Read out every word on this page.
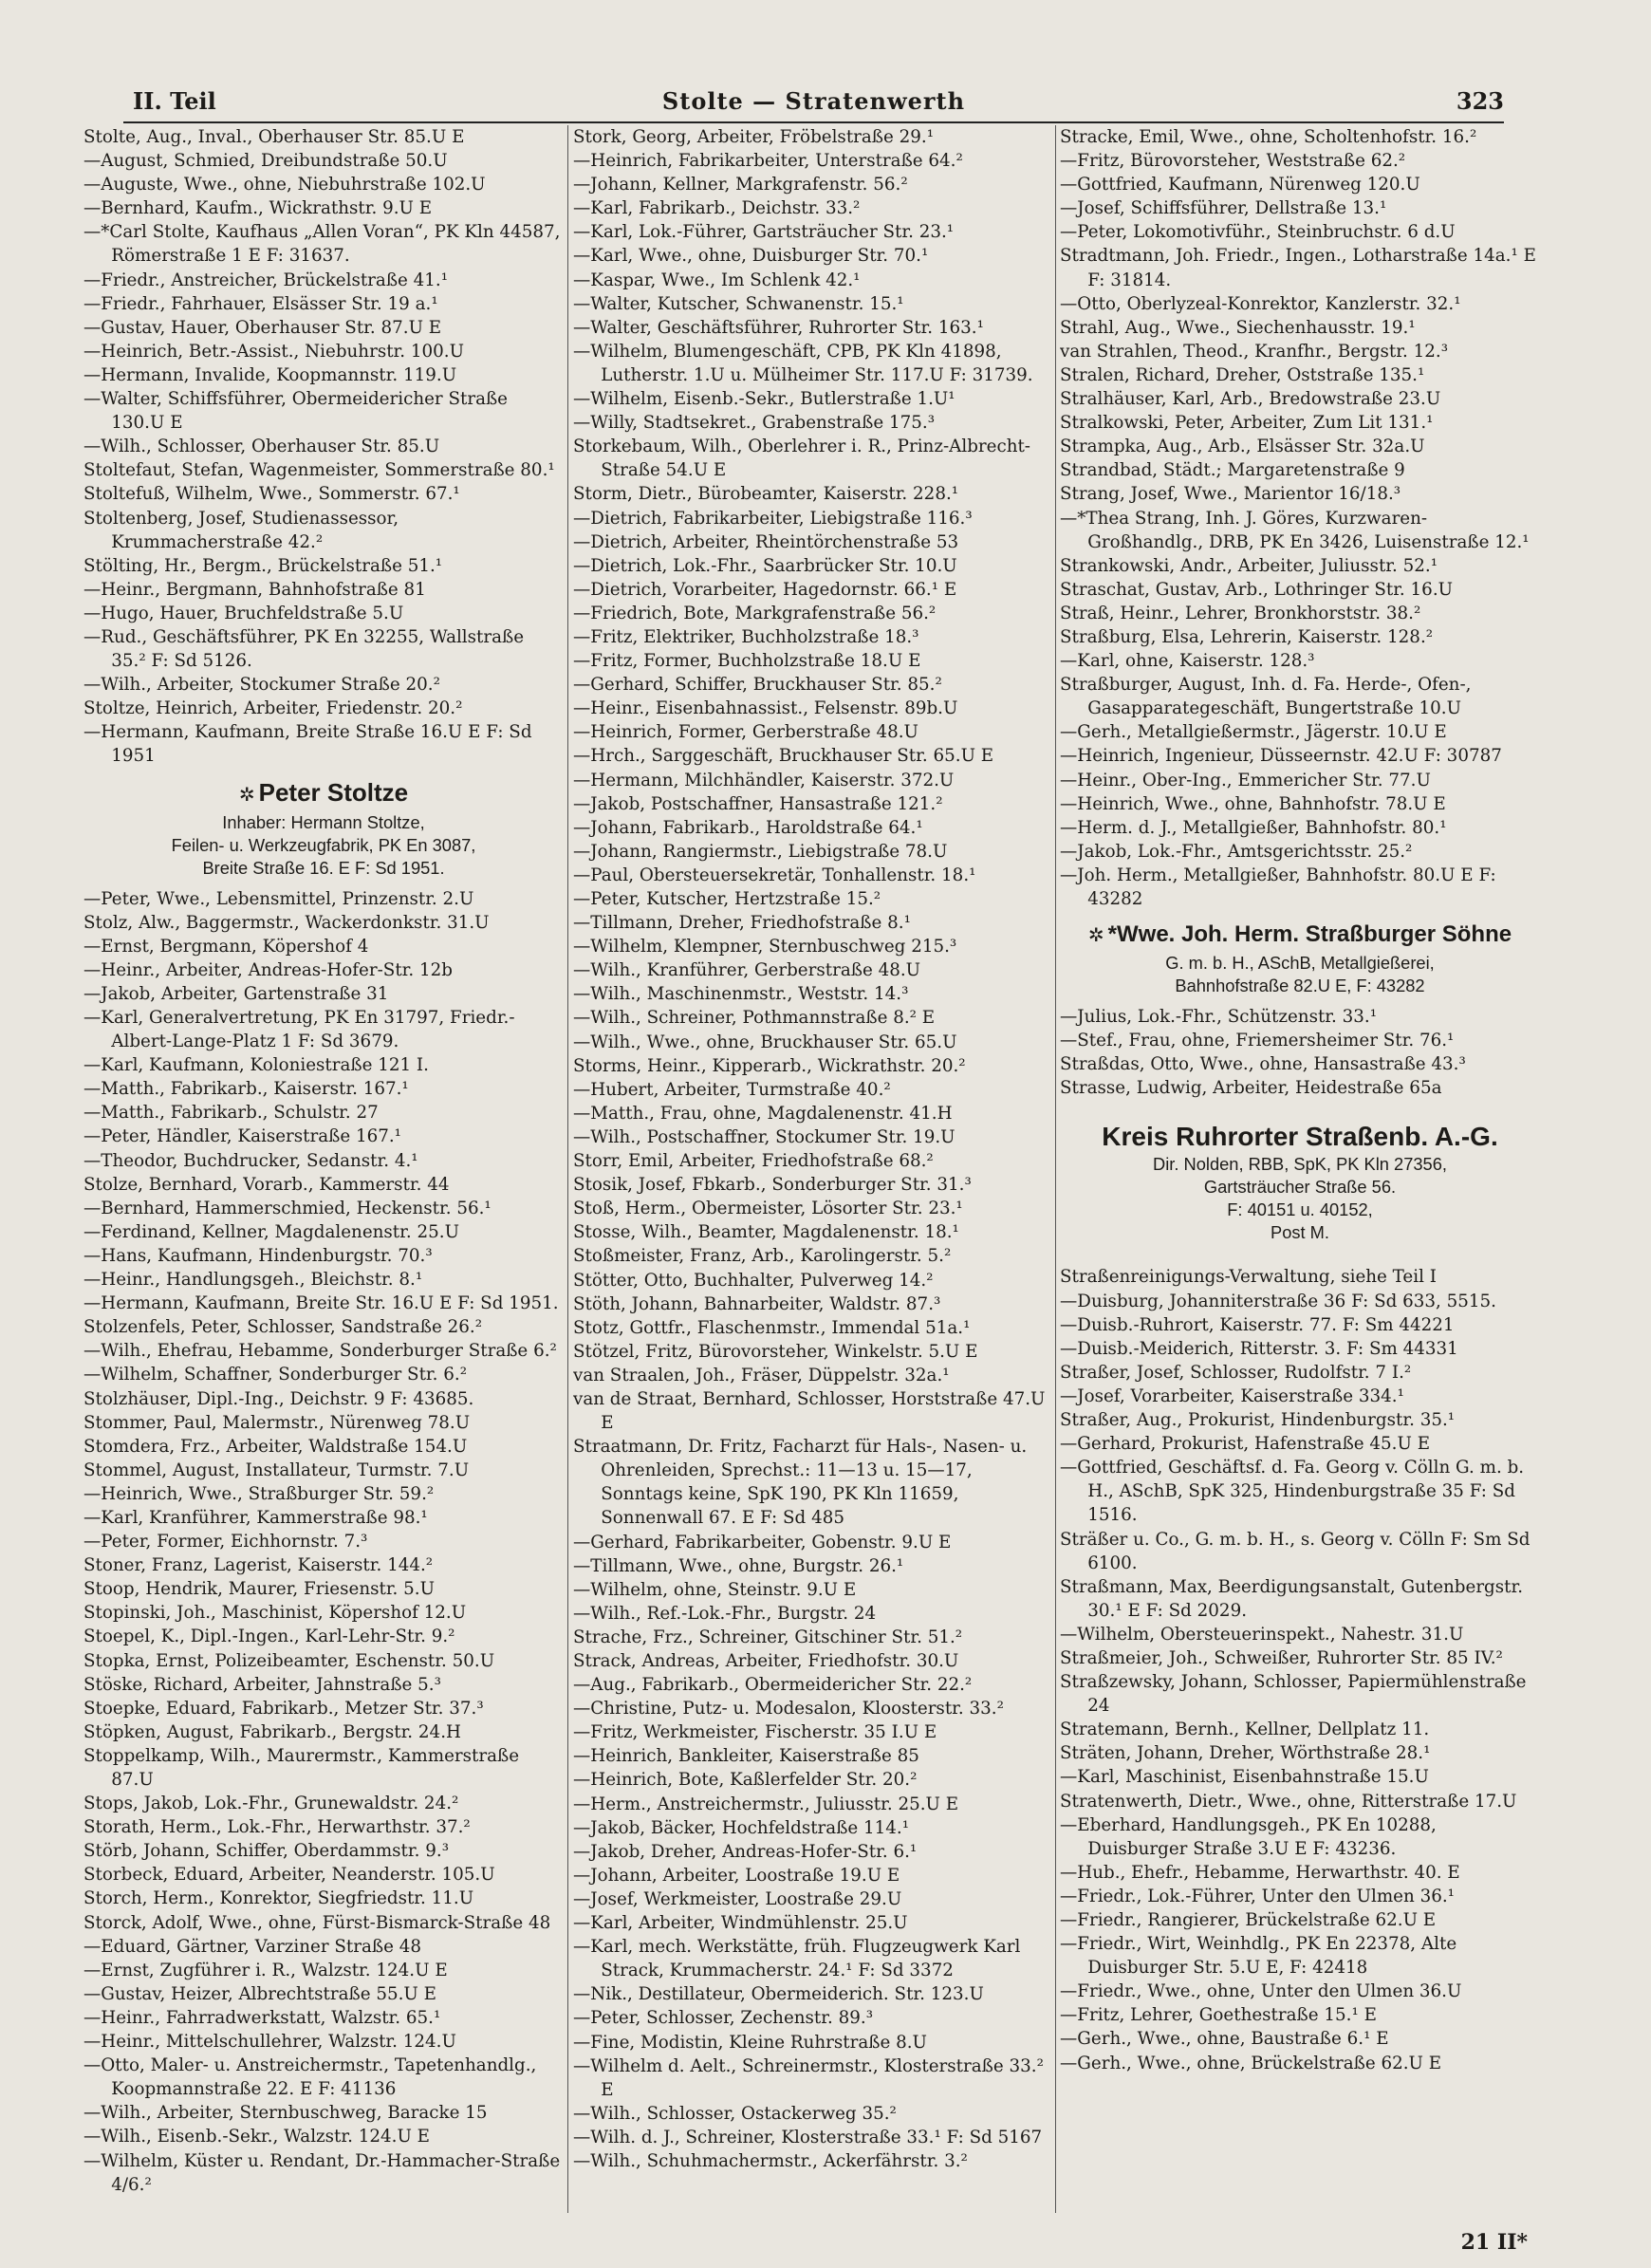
II. Teil	Stolte — Stratenwerth	323
Stolte, Aug., Inval., Oberhauser Str. 85.U E
—August, Schmied, Dreibundstraße 50.U
—Auguste, Wwe., ohne, Niebuhrstraße 102.U
—Bernhard, Kaufm., Wickrathstr. 9.U E
—*Carl Stolte, Kaufhaus „Allen Voran“, PK Kln 44587, Römerstraße 1 E F: 31637.
—Friedr., Anstreicher, Brückelstraße 41.¹
—Friedr., Fahrhauer, Elsässer Str. 19 a.¹
—Gustav, Hauer, Oberhauser Str. 87.U E
—Heinrich, Betr.-Assist., Niebuhrstr. 100.U
—Hermann, Invalide, Koopmannstr. 119.U
—Walter, Schiffsführer, Obermeidericher Straße 130.U E
—Wilh., Schlosser, Oberhauser Str. 85.U
Stoltefaut, Stefan, Wagenmeister, Sommerstraße 80.¹
Stoltefuß, Wilhelm, Wwe., Sommerstr. 67.¹
Stoltenberg, Josef, Studienassessor, Krummacherstraße 42.²
Stölting, Hr., Bergm., Brückelstraße 51.¹
—Heinr., Bergmann, Bahnhofstraße 81
—Hugo, Hauer, Bruchfeldstraße 5.U
—Rud., Geschäftsführer, PK En 32255, Wallstraße 35.² F: Sd 5126.
—Wilh., Arbeiter, Stockumer Straße 20.²
Stoltze, Heinrich, Arbeiter, Friedenstr. 20.²
—Hermann, Kaufmann, Breite Straße 16.U E F: Sd 1951
✲ Peter Stoltze
Inhaber: Hermann Stoltze,
Feilen- u. Werkzeugfabrik, PK En 3087,
Breite Straße 16. E F: Sd 1951.
—Peter, Wwe., Lebensmittel, Prinzenstr. 2.U
Stolz, Alw., Baggermstr., Wackerdonkstr. 31.U
—Ernst, Bergmann, Köpershof 4
—Heinr., Arbeiter, Andreas-Hofer-Str. 12b
—Jakob, Arbeiter, Gartenstraße 31
—Karl, Generalvertretung, PK En 31797, Friedr.-Albert-Lange-Platz 1 F: Sd 3679.
—Karl, Kaufmann, Koloniestraße 121 I.
—Matth., Fabrikarb., Kaiserstr. 167.¹
—Matth., Fabrikarb., Schulstr. 27
—Peter, Händler, Kaiserstraße 167.¹
—Theodor, Buchdrucker, Sedanstr. 4.¹
Stolze, Bernhard, Vorarb., Kammerstr. 44
—Bernhard, Hammerschmied, Heckenstr. 56.¹
—Ferdinand, Kellner, Magdalenenstr. 25.U
—Hans, Kaufmann, Hindenburgstr. 70.³
—Heinr., Handlungsgeh., Bleichstr. 8.¹
—Hermann, Kaufmann, Breite Str. 16.U E F: Sd 1951.
Stolzenfels, Peter, Schlosser, Sandstraße 26.²
—Wilh., Ehefrau, Hebamme, Sonderburger Straße 6.²
—Wilhelm, Schaffner, Sonderburger Str. 6.²
Stolzhäuser, Dipl.-Ing., Deichstr. 9 F: 43685.
Stommer, Paul, Malermstr., Nürenweg 78.U
Stomdera, Frz., Arbeiter, Waldstraße 154.U
Stommel, August, Installateur, Turmstr. 7.U
—Heinrich, Wwe., Straßburger Str. 59.²
—Karl, Kranführer, Kammerstraße 98.¹
—Peter, Former, Eichhornstr. 7.³
Stoner, Franz, Lagerist, Kaiserstr. 144.²
Stoop, Hendrik, Maurer, Friesenstr. 5.U
Stopinski, Joh., Maschinist, Köpershof 12.U
Stoepel, K., Dipl.-Ingen., Karl-Lehr-Str. 9.²
Stopka, Ernst, Polizeibeamter, Eschenstr. 50.U
Stöske, Richard, Arbeiter, Jahnstraße 5.³
Stoepke, Eduard, Fabrikarb., Metzer Str. 37.³
Stöpken, August, Fabrikarb., Bergstr. 24.H
Stoppelkamp, Wilh., Maurermstr., Kammerstraße 87.U
Stops, Jakob, Lok.-Fhr., Grunewaldstr. 24.²
Storath, Herm., Lok.-Fhr., Herwarthstr. 37.²
Störb, Johann, Schiffer, Oberdammstr. 9.³
Storbeck, Eduard, Arbeiter, Neanderstr. 105.U
Storch, Herm., Konrektor, Siegfriedstr. 11.U
Storck, Adolf, Wwe., ohne, Fürst-Bismarck-Straße 48
—Eduard, Gärtner, Varziner Straße 48
—Ernst, Zugführer i. R., Walzstr. 124.U E
—Gustav, Heizer, Albrechtstraße 55.U E
—Heinr., Fahrradwerkstatt, Walzstr. 65.¹
—Heinr., Mittelschullehrer, Walzstr. 124.U
—Otto, Maler- u. Anstreichermstr., Tapetenhandlg., Koopmannstraße 22. E F: 41136
—Wilh., Arbeiter, Sternbuschweg, Baracke 15
—Wilh., Eisenb.-Sekr., Walzstr. 124.U E
—Wilhelm, Küster u. Rendant, Dr.-Hammacher-Straße 4/6.²
Stork, Georg, Arbeiter, Fröbelstraße 29.¹
—Heinrich, Fabrikarbeiter, Unterstraße 64.²
—Johann, Kellner, Markgrafenstr. 56.²
—Karl, Fabrikarb., Deichstr. 33.²
—Karl, Lok.-Führer, Gartsträucher Str. 23.¹
—Karl, Wwe., ohne, Duisburger Str. 70.¹
—Kaspar, Wwe., Im Schlenk 42.¹
—Walter, Kutscher, Schwanenstr. 15.¹
—Walter, Geschäftsführer, Ruhrorter Str. 163.¹
—Wilhelm, Blumengeschäft, CPB, PK Kln 41898, Lutherstr. 1.U u. Mülheimer Str. 117.U F: 31739.
—Wilhelm, Eisenb.-Sekr., Butlerstraße 1.U¹
—Willy, Stadtsekret., Grabenstraße 175.³
Storkebaum, Wilh., Oberlehrer i. R., Prinz-Albrecht-Straße 54.U E
Storm, Dietr., Bürobeamter, Kaiserstr. 228.¹
—Dietrich, Fabrikarbeiter, Liebigstraße 116.³
—Dietrich, Arbeiter, Rheintörchenstraße 53
—Dietrich, Lok.-Fhr., Saarbrücker Str. 10.U
—Dietrich, Vorarbeiter, Hagedornstr. 66.¹ E
—Friedrich, Bote, Markgrafenstraße 56.²
—Fritz, Elektriker, Buchholzstraße 18.³
—Fritz, Former, Buchholzstraße 18.U E
—Gerhard, Schiffer, Bruckhauser Str. 85.²
—Heinr., Eisenbahnassist., Felsenstr. 89b.U
—Heinrich, Former, Gerberstraße 48.U
—Hrch., Sarggeschäft, Bruckhauser Str. 65.U E
—Hermann, Milchhändler, Kaiserstr. 372.U
—Jakob, Postschaffner, Hansastraße 121.²
—Johann, Fabrikarb., Haroldstraße 64.¹
—Johann, Rangiermstr., Liebigstraße 78.U
—Paul, Obersteuersekretär, Tonhallenstr. 18.¹
—Peter, Kutscher, Hertzstraße 15.²
—Tillmann, Dreher, Friedhofstraße 8.¹
—Wilhelm, Klempner, Sternbuschweg 215.³
—Wilh., Kranführer, Gerberstraße 48.U
—Wilh., Maschinenmstr., Weststr. 14.³
—Wilh., Schreiner, Pothmannstraße 8.² E
—Wilh., Wwe., ohne, Bruckhauser Str. 65.U
Storms, Heinr., Kipperarb., Wickrathstr. 20.²
—Hubert, Arbeiter, Turmstraße 40.²
—Matth., Frau, ohne, Magdalenenstr. 41.H
—Wilh., Postschaffner, Stockumer Str. 19.U
Storr, Emil, Arbeiter, Friedhofstraße 68.²
Stosik, Josef, Fbkarb., Sonderburger Str. 31.³
Stoß, Herm., Obermeister, Lösorter Str. 23.¹
Stosse, Wilh., Beamter, Magdalenenstr. 18.¹
Stoßmeister, Franz, Arb., Karolingerstr. 5.²
Stötter, Otto, Buchhalter, Pulverweg 14.²
Stöth, Johann, Bahnarbeiter, Waldstr. 87.³
Stotz, Gottfr., Flaschenmstr., Immendal 51a.¹
Stötzel, Fritz, Bürovorsteher, Winkelstr. 5.U E
van Straalen, Joh., Fräser, Düppelstr. 32a.¹
van de Straat, Bernhard, Schlosser, Horststraße 47.U E
Straatmann, Dr. Fritz, Facharzt für Hals-, Nasen- u. Ohrenleiden, Sprechst.: 11—13 u. 15—17, Sonntags keine, SpK 190, PK Kln 11659, Sonnenwall 67. E F: Sd 485
—Gerhard, Fabrikarbeiter, Gobenstr. 9.U E
—Tillmann, Wwe., ohne, Burgstr. 26.¹
—Wilhelm, ohne, Steinstr. 9.U E
—Wilh., Ref.-Lok.-Fhr., Burgstr. 24
Strache, Frz., Schreiner, Gitschiner Str. 51.²
Strack, Andreas, Arbeiter, Friedhofstr. 30.U
—Aug., Fabrikarb., Obermeidericher Str. 22.²
—Christine, Putz- u. Modesalon, Kloosterstr. 33.²
—Fritz, Werkmeister, Fischerstr. 35 I.U E
—Heinrich, Bankleiter, Kaiserstraße 85
—Heinrich, Bote, Kaßlerfelder Str. 20.²
—Herm., Anstreichermstr., Juliusstr. 25.U E
—Jakob, Bäcker, Hochfeldstraße 114.¹
—Jakob, Dreher, Andreas-Hofer-Str. 6.¹
—Johann, Arbeiter, Loostraße 19.U E
—Josef, Werkmeister, Loostraße 29.U
—Karl, Arbeiter, Windmühlenstr. 25.U
—Karl, mech. Werkstätte, früh. Flugzeugwerk Karl Strack, Krummacherstr. 24.¹ F: Sd 3372
—Nik., Destillateur, Obermeiderich. Str. 123.U
—Peter, Schlosser, Zechenstr. 89.³
—Fine, Modistin, Kleine Ruhrstraße 8.U
—Wilhelm d. Aelt., Schreinermstr., Klosterstraße 33.² E
—Wilh., Schlosser, Ostackerweg 35.²
—Wilh. d. J., Schreiner, Klosterstraße 33.¹ F: Sd 5167
—Wilh., Schuhmachermstr., Ackerfährstr. 3.²
Stracke, Emil, Wwe., ohne, Scholtenhofstr. 16.²
—Fritz, Bürovorsteher, Weststraße 62.²
—Gottfried, Kaufmann, Nürenweg 120.U
—Josef, Schiffsführer, Dellstraße 13.¹
—Peter, Lokomotivführ., Steinbruchstr. 6 d.U
Stradtmann, Joh. Friedr., Ingen., Lotharstraße 14a.¹ E F: 31814.
—Otto, Oberlyzeal-Konrektor, Kanzlerstr. 32.¹
Strahl, Aug., Wwe., Siechenhausstr. 19.¹
van Strahlen, Theod., Kranfhr., Bergstr. 12.³
Stralen, Richard, Dreher, Oststraße 135.¹
Stralhäuser, Karl, Arb., Bredowstraße 23.U
Stralkowski, Peter, Arbeiter, Zum Lit 131.¹
Strampka, Aug., Arb., Elsässer Str. 32a.U
Strandbad, Städt.; Margaretenstraße 9
Strang, Josef, Wwe., Marientor 16/18.³
—*Thea Strang, Inh. J. Göres, Kurzwaren-Großhandlg., DRB, PK En 3426, Luisenstraße 12.¹
Strankowski, Andr., Arbeiter, Juliusstr. 52.¹
Straschat, Gustav, Arb., Lothringer Str. 16.U
Straß, Heinr., Lehrer, Bronkhorststr. 38.²
Straßburg, Elsa, Lehrerin, Kaiserstr. 128.²
—Karl, ohne, Kaiserstr. 128.³
Straßburger, August, Inh. d. Fa. Herde-, Ofen-, Gasapparategeschäft, Bungertstraße 10.U
—Gerh., Metallgießermstr., Jägerstr. 10.U E
—Heinrich, Ingenieur, Düsseernstr. 42.U F: 30787
—Heinr., Ober-Ing., Emmericher Str. 77.U
—Heinrich, Wwe., ohne, Bahnhofstr. 78.U E
—Herm. d. J., Metallgießer, Bahnhofstr. 80.¹
—Jakob, Lok.-Fhr., Amtsgerichtsstr. 25.²
—Joh. Herm., Metallgießer, Bahnhofstr. 80.U E F: 43282
✲ *Wwe. Joh. Herm. Straßburger Söhne
G. m. b. H., ASchB, Metallgießerei,
Bahnhofstraße 82.U E, F: 43282
—Julius, Lok.-Fhr., Schützenstr. 33.¹
—Stef., Frau, ohne, Friemersheimer Str. 76.¹
Straßdas, Otto, Wwe., ohne, Hansastraße 43.³
Strasse, Ludwig, Arbeiter, Heidestraße 65a
Kreis Ruhrorter Straßenb. A.-G.
Dir. Nolden, RBB, SpK, PK Kln 27356,
Gartsträucher Straße 56.
F: 40151 u. 40152,
Post M.
Straßenreinigungs-Verwaltung, siehe Teil I
—Duisburg, Johanniterstraße 36 F: Sd 633, 5515.
—Duisb.-Ruhrort, Kaiserstr. 77. F: Sm 44221
—Duisb.-Meiderich, Ritterstr. 3. F: Sm 44331
Straßer, Josef, Schlosser, Rudolfstr. 7 I.²
—Josef, Vorarbeiter, Kaiserstraße 334.¹
Straßer, Aug., Prokurist, Hindenburgstr. 35.¹
—Gerhard, Prokurist, Hafenstraße 45.U E
—Gottfried, Geschäftsf. d. Fa. Georg v. Cölln G. m. b. H., ASchB, SpK 325, Hindenburgstraße 35 F: Sd 1516.
Sträßer u. Co., G. m. b. H., s. Georg v. Cölln F: Sm Sd 6100.
Straßmann, Max, Beerdigungsanstalt, Gutenbergstr. 30.¹ E F: Sd 2029.
—Wilhelm, Obersteuerinspekt., Nahestr. 31.U
Straßmeier, Joh., Schweißer, Ruhrorter Str. 85 IV.²
Straßzewsky, Johann, Schlosser, Papiermühlenstraße 24
Stratemann, Bernh., Kellner, Dellplatz 11.
Sträten, Johann, Dreher, Wörthstraße 28.¹
—Karl, Maschinist, Eisenbahnstraße 15.U
Stratenwerth, Dietr., Wwe., ohne, Ritterstraße 17.U
—Eberhard, Handlungsgeh., PK En 10288, Duisburger Straße 3.U E F: 43236.
—Hub., Ehefr., Hebamme, Herwarthstr. 40. E
—Friedr., Lok.-Führer, Unter den Ulmen 36.¹
—Friedr., Rangierer, Brückelstraße 62.U E
—Friedr., Wirt, Weinhdlg., PK En 22378, Alte Duisburger Str. 5.U E, F: 42418
—Friedr., Wwe., ohne, Unter den Ulmen 36.U
—Fritz, Lehrer, Goethestraße 15.¹ E
—Gerh., Wwe., ohne, Baustraße 6.¹ E
—Gerh., Wwe., ohne, Brückelstraße 62.U E
21 II*
